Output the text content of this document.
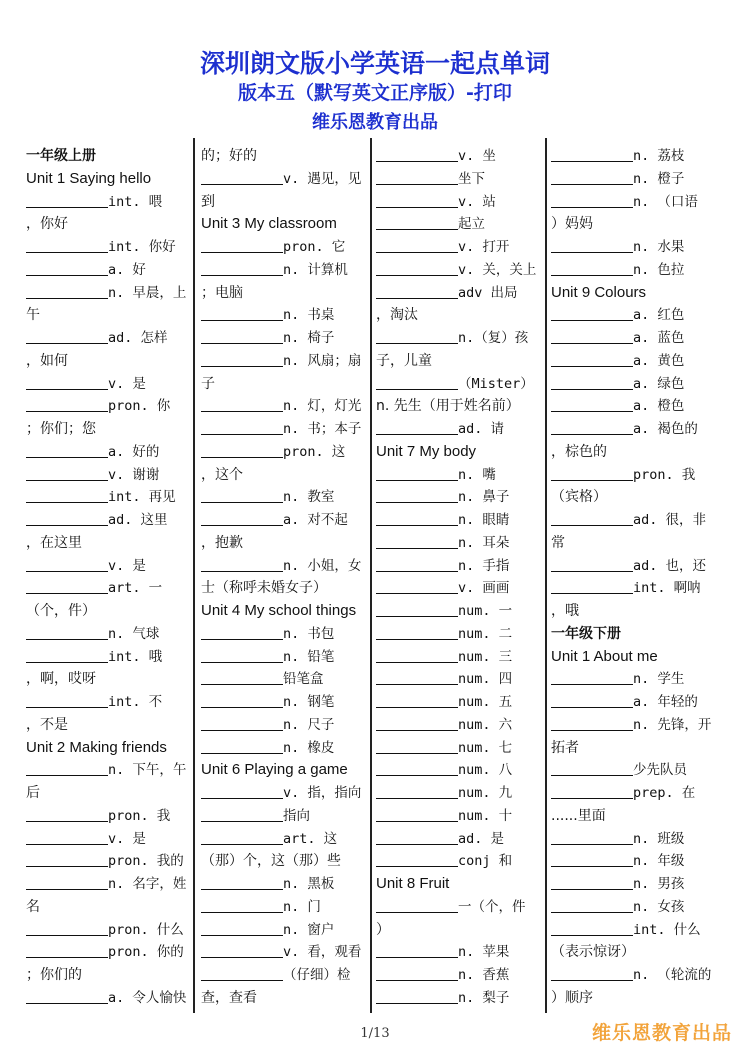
深圳朗文版小学英语一起点单词
版本五（默写英文正序版）-打印
维乐恩教育出品
一年级上册
Unit 1 Saying hello
int. 喂
，你好
int. 你好
a. 好
n. 早晨，上
午
ad. 怎样
，如何
v. 是
pron. 你
；你们；您
a. 好的
v. 谢谢
int. 再见
ad. 这里
，在这里
v. 是
art. 一
（个，件）
n. 气球
int. 哦
，啊，哎呀
int. 不
，不是
Unit 2 Making friends
n. 下午，午
后
pron. 我
v. 是
pron. 我的
n. 名字，姓
名
pron. 什么
pron. 你的
；你们的
a. 令人愉快
的；好的
v. 遇见，见
到
Unit 3 My classroom
pron. 它
n. 计算机
；电脑
n. 书桌
n. 椅子
n. 风扇；扇
子
n. 灯，灯光
n. 书；本子
pron. 这
，这个
n. 教室
a. 对不起
，抱歉
n. 小姐，女
士（称呼未婚女子）
Unit 4 My school things
n. 书包
n. 铅笔
铅笔盒
n. 钢笔
n. 尺子
n. 橡皮
Unit 6 Playing a game
v. 指，指向
指向
art. 这
（那）个，这（那）些
n. 黑板
n. 门
n. 窗户
v. 看，观看
（仔细）检
查，查看
v. 坐
坐下
v. 站
起立
v. 打开
v. 关，关上
adv 出局
，淘汰
n.（复）孩
子，儿童
（Mister）
n. 先生（用于姓名前）
ad. 请
Unit 7 My body
n. 嘴
n. 鼻子
n. 眼睛
n. 耳朵
n. 手指
v. 画画
num. 一
num. 二
num. 三
num. 四
num. 五
num. 六
num. 七
num. 八
num. 九
num. 十
ad. 是
conj 和
Unit 8 Fruit
一（个，件
）
n. 苹果
n. 香蕉
n. 梨子
n. 荔枝
n. 橙子
n. （口语
）妈妈
n. 水果
n. 色拉
Unit 9 Colours
a. 红色
a. 蓝色
a. 黄色
a. 绿色
a. 橙色
a. 褐色的
，棕色的
pron. 我
（宾格）
ad. 很，非
常
ad. 也，还
int. 啊呐
，哦
一年级下册
Unit 1 About me
n. 学生
a. 年轻的
n. 先锋，开
拓者
少先队员
prep. 在
......里面
n. 班级
n. 年级
n. 男孩
n. 女孩
int. 什么
（表示惊讶）
n. （轮流的
）顺序
1/13	维乐恩教育出品
